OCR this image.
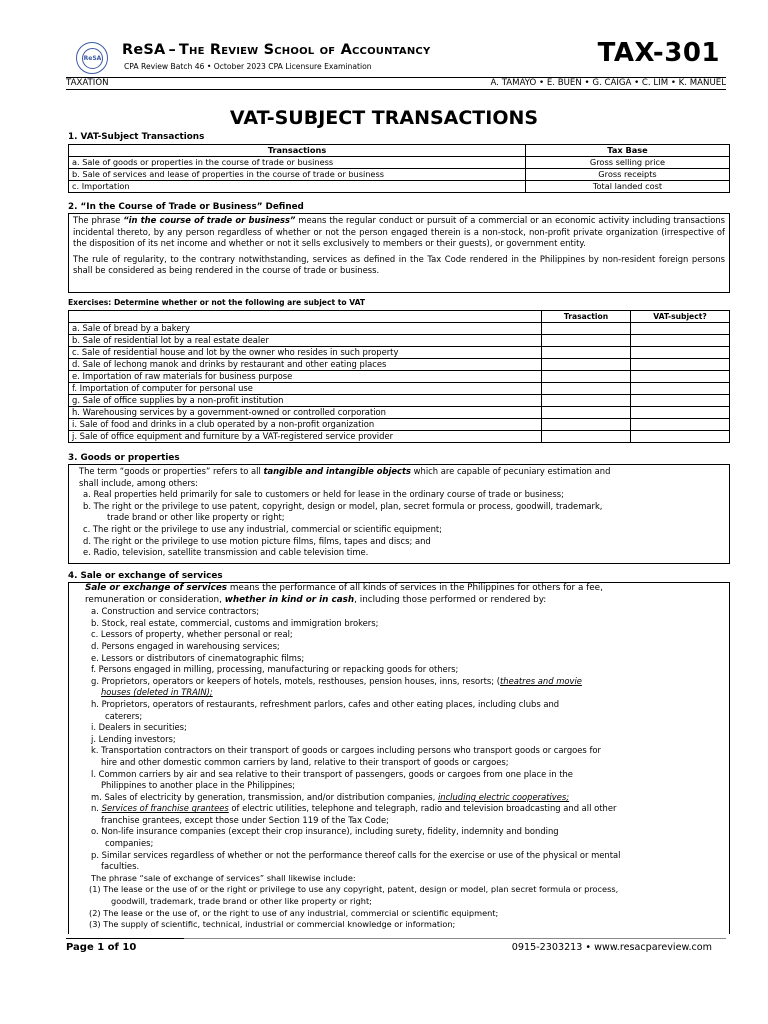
ReSA
ReSA – The Review School of Accountancy
CPA Review Batch 46 • October 2023 CPA Licensure Examination	TAX-301
TAXATION	A. TAMAYO • E. BUEN • G. CAIGA • C. LIM • K. MANUEL
VAT-SUBJECT TRANSACTIONS
1. VAT-Subject Transactions
Transactions	Tax Base
a. Sale of goods or properties in the course of trade or business	Gross selling price
b. Sale of services and lease of properties in the course of trade or business	Gross receipts
c. Importation	Total landed cost
2. “In the Course of Trade or Business” Defined

The phrase “in the course of trade or business” means the regular conduct or pursuit of a commercial or an economic activity including transactions incidental thereto, by any person regardless of whether or not the person engaged therein is a non-stock, non-profit private organization (irrespective of the disposition of its net income and whether or not it sells exclusively to members or their guests), or government entity.

The rule of regularity, to the contrary notwithstanding, services as defined in the Tax Code rendered in the Philippines by non-resident foreign persons shall be considered as being rendered in the course of trade or business.

Exercises: Determine whether or not the following are subject to VAT
	Trasaction	VAT-subject?
a. Sale of bread by a bakery		
b. Sale of residential lot by a real estate dealer		
c. Sale of residential house and lot by the owner who resides in such property		
d. Sale of lechong manok and drinks by restaurant and other eating places		
e. Importation of raw materials for business purpose		
f. Importation of computer for personal use		
g. Sale of office supplies by a non-profit institution		
h. Warehousing services by a government-owned or controlled corporation		
i. Sale of food and drinks in a club operated by a non-profit organization		
j. Sale of office equipment and furniture by a VAT-registered service provider		
3. Goods or properties

The term “goods or properties” refers to all tangible and intangible objects which are capable of pecuniary estimation and

shall include, among others:

a. Real properties held primarily for sale to customers or held for lease in the ordinary course of trade or business;

b. The right or the privilege to use patent, copyright, design or model, plan, secret formula or process, goodwill, trademark,

trade brand or other like property or right;

c. The right or the privilege to use any industrial, commercial or scientific equipment;

d. The right or the privilege to use motion picture films, films, tapes and discs; and

e. Radio, television, satellite transmission and cable television time.

4. Sale or exchange of services

Sale or exchange of services means the performance of all kinds of services in the Philippines for others for a fee,

remuneration or consideration, whether in kind or in cash, including those performed or rendered by:

a. Construction and service contractors;

b. Stock, real estate, commercial, customs and immigration brokers;

c. Lessors of property, whether personal or real;

d. Persons engaged in warehousing services;

e. Lessors or distributors of cinematographic films;

f. Persons engaged in milling, processing, manufacturing or repacking goods for others;

g. Proprietors, operators or keepers of hotels, motels, resthouses, pension houses, inns, resorts; (theatres and movie

houses (deleted in TRAIN);

h. Proprietors, operators of restaurants, refreshment parlors, cafes and other eating places, including clubs and

caterers;

i. Dealers in securities;

j. Lending investors;

k. Transportation contractors on their transport of goods or cargoes including persons who transport goods or cargoes for

hire and other domestic common carriers by land, relative to their transport of goods or cargoes;

l. Common carriers by air and sea relative to their transport of passengers, goods or cargoes from one place in the

Philippines to another place in the Philippines;

m. Sales of electricity by generation, transmission, and/or distribution companies, including electric cooperatives;

n. Services of franchise grantees of electric utilities, telephone and telegraph, radio and television broadcasting and all other

franchise grantees, except those under Section 119 of the Tax Code;

o. Non-life insurance companies (except their crop insurance), including surety, fidelity, indemnity and bonding

companies;

p. Similar services regardless of whether or not the performance thereof calls for the exercise or use of the physical or mental

faculties.

The phrase “sale of exchange of services” shall likewise include:

(1) The lease or the use of or the right or privilege to use any copyright, patent, design or model, plan secret formula or process,

goodwill, trademark, trade brand or other like property or right;

(2) The lease or the use of, or the right to use of any industrial, commercial or scientific equipment;

(3) The supply of scientific, technical, industrial or commercial knowledge or information;

Page 1 of 10	0915-2303213 • www.resacpareview.com
